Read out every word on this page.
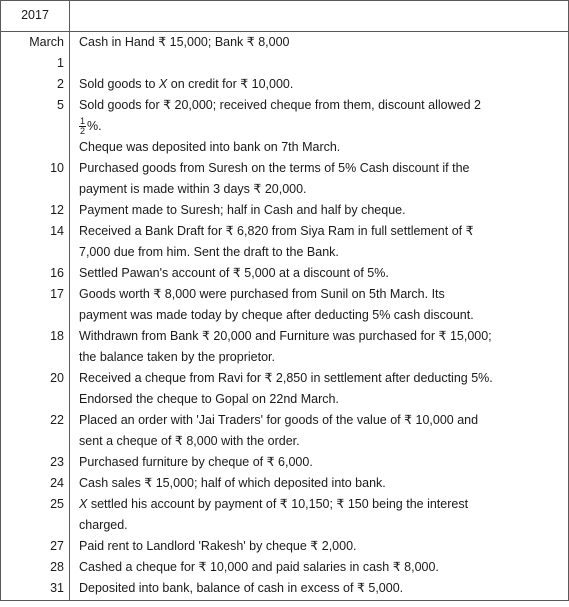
2017
March
1
2
5
10
12
14
16
17
18
20
22
23
24
25
27
28
31
Cash in Hand ₹ 15,000; Bank ₹ 8,000
Sold goods to X on credit for ₹ 10,000.
Sold goods for ₹ 20,000; received cheque from them, discount allowed 2
$\frac{1}{2}$ %.
Cheque was deposited into bank on 7th March.
Purchased goods from Suresh on the terms of 5% Cash discount if the
payment is made within 3 days ₹ 20,000.
Payment made to Suresh; half in Cash and half by cheque.
Received a Bank Draft for ₹ 6,820 from Siya Ram in full settlement of ₹
7,000 due from him. Sent the draft to the Bank.
Settled Pawan's account of ₹ 5,000 at a discount of 5%.
Goods worth ₹ 8,000 were purchased from Sunil on 5th March. Its
payment was made today by cheque after deducting 5% cash discount.
Withdrawn from Bank ₹ 20,000 and Furniture was purchased for ₹ 15,000;
the balance taken by the proprietor.
Received a cheque from Ravi for ₹ 2,850 in settlement after deducting 5%.
Endorsed the cheque to Gopal on 22nd March.
Placed an order with 'Jai Traders' for goods of the value of ₹ 10,000 and
sent a cheque of ₹ 8,000 with the order.
Purchased furniture by cheque of ₹ 6,000.
Cash sales ₹ 15,000; half of which deposited into bank.
X settled his account by payment of ₹ 10,150; ₹ 150 being the interest
charged.
Paid rent to Landlord 'Rakesh' by cheque ₹ 2,000.
Cashed a cheque for ₹ 10,000 and paid salaries in cash ₹ 8,000.
Deposited into bank, balance of cash in excess of ₹ 5,000.
